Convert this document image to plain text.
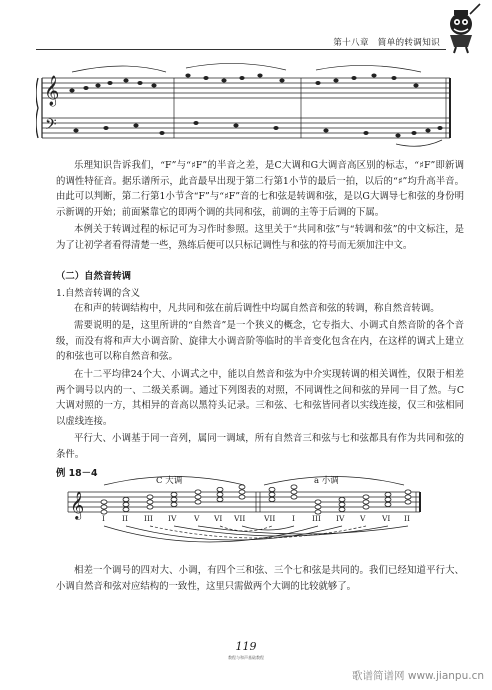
第十八章　简单的转调知识
𝄞
𝄢

乐理知识告诉我们，“F”与“♯F”的半音之差，是C大调和G大调音高区别的标志，“♯F”即新调的调性特征音。据乐谱所示，此音最早出现于第二行第1小节的最后一拍，以后的“♯”均升高半音。由此可以判断，第二行第1小节含“F”与“♯F”音的七和弦是转调和弦，是以G大调导七和弦的身份明示新调的开始；前面紧靠它的即两个调的共同和弦，前调的主等于后调的下属。

本例关于转调过程的标记可为习作时参照。这里关于“共同和弦”与“转调和弦”的中文标注，是为了让初学者看得清楚一些，熟练后便可以只标记调性与和弦的符号而无须加注中文。

（二）自然音转调

1.自然音转调的含义

在和声的转调结构中，凡共同和弦在前后调性中均属自然音和弦的转调，称自然音转调。

需要说明的是，这里所讲的“自然音”是一个狭义的概念，它专指大、小调式自然音阶的各个音级，而没有将和声大小调音阶、旋律大小调音阶等临时的半音变化包含在内，在这样的调式上建立的和弦也可以称自然音和弦。

在十二平均律24个大、小调式之中，能以自然音和弦为中介实现转调的相关调性，仅限于相差两个调号以内的一、二级关系调。通过下列图表的对照，不同调性之间和弦的异同一目了然。与C大调对照的一方，其相异的音高以黑符头记录。三和弦、七和弦皆同者以实线连接，仅三和弦相同以虚线连接。

平行大、小调基于同一音列，属同一调域，所有自然音三和弦与七和弦都具有作为共同和弦的条件。

例 18－4

C 大调	a 小调
𝄞 I II III IV V VI VII VII I III IV V VI II

相差一个调号的四对大、小调，有四个三和弦、三个七和弦是共同的。我们已经知道平行大、小调自然音和弦对应结构的一致性，这里只需做两个大调的比较就够了。

119
教程与和声基础教程
歌谱简谱网 www.jianpu.cn
